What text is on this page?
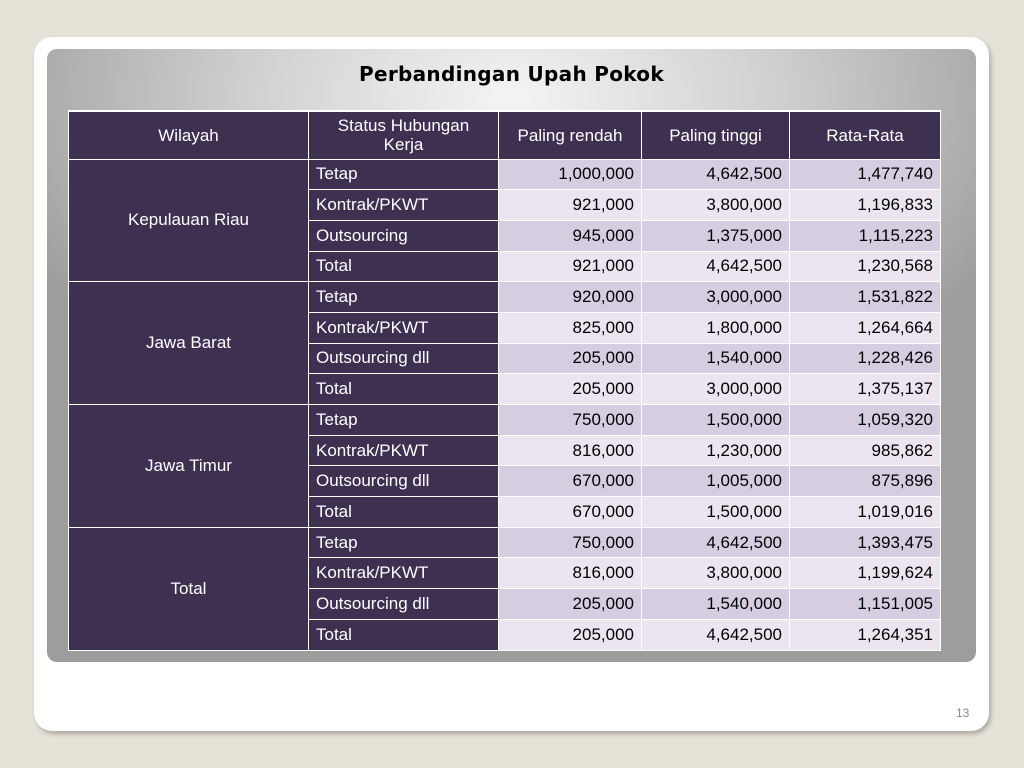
Perbandingan Upah Pokok
Wilayah	Status Hubungan Kerja	Paling rendah	Paling tinggi	Rata-Rata
Kepulauan Riau	Tetap	1,000,000	4,642,500	1,477,740
	Kontrak/PKWT	921,000	3,800,000	1,196,833
	Outsourcing	945,000	1,375,000	1,115,223
	Total	921,000	4,642,500	1,230,568
Jawa Barat	Tetap	920,000	3,000,000	1,531,822
	Kontrak/PKWT	825,000	1,800,000	1,264,664
	Outsourcing dll	205,000	1,540,000	1,228,426
	Total	205,000	3,000,000	1,375,137
Jawa Timur	Tetap	750,000	1,500,000	1,059,320
	Kontrak/PKWT	816,000	1,230,000	985,862
	Outsourcing dll	670,000	1,005,000	875,896
	Total	670,000	1,500,000	1,019,016
Total	Tetap	750,000	4,642,500	1,393,475
	Kontrak/PKWT	816,000	3,800,000	1,199,624
	Outsourcing dll	205,000	1,540,000	1,151,005
	Total	205,000	4,642,500	1,264,351
13
